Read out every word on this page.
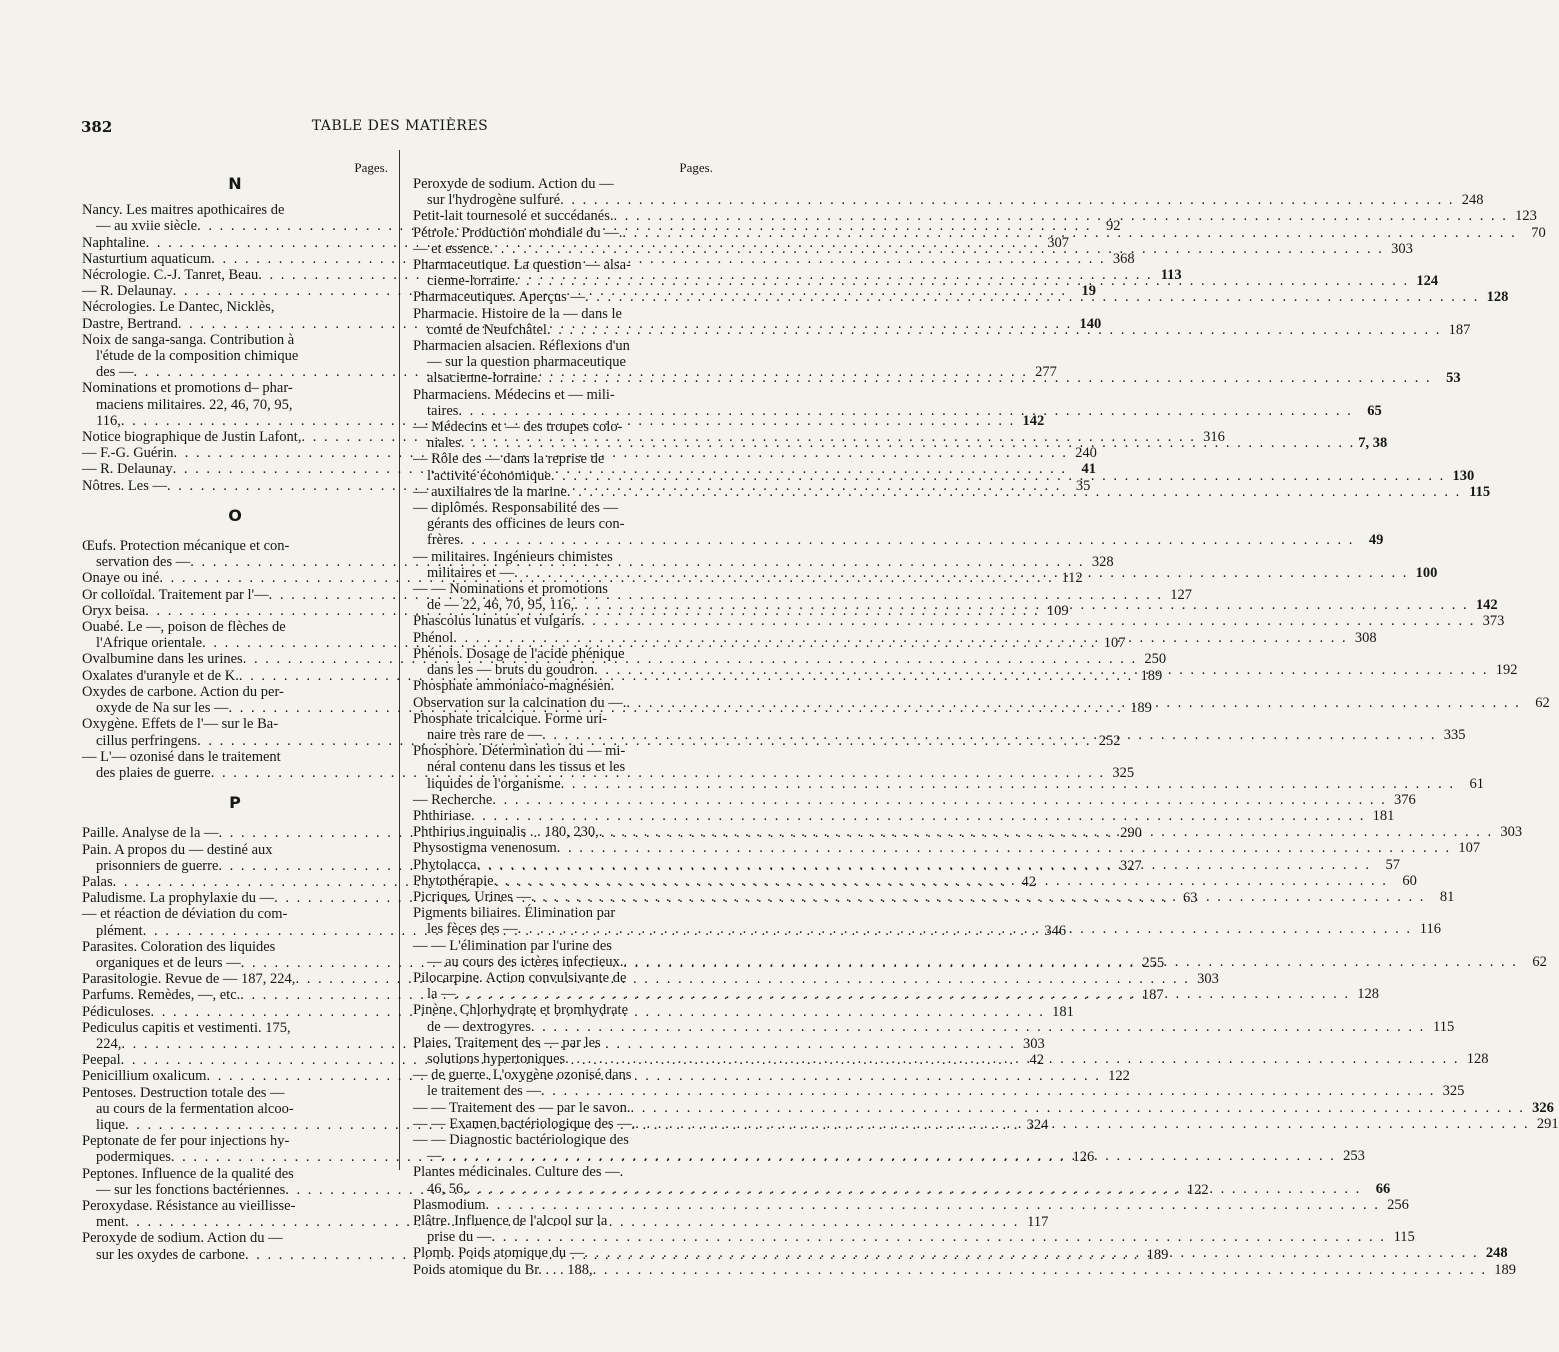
382	TABLE DES MATIÈRES
Pages.
N
Nancy. Les maitres apothicaires de
— au xviie siècle . . .	92
Naphtaline . . .	307
Nasturtium aquaticum . . .	368
Nécrologie. C.-J. Tanret, Beau . . .	113
— R. Delaunay . . .	19
Nécrologies. Le Dantec, Nicklès,
Dastre, Bertrand . . .	140
Noix de sanga-sanga. Contribution à
l'étude de la composition chimique
des — . . .	277
Nominations et promotions d– phar-
maciens militaires. 22, 46, 70, 95,
116, . . .	142
Notice biographique de Justin Lafont, . . .	316
— F.-G. Guérin . . .	240
— R. Delaunay . . .	41
Nôtres. Les — . . .	35
O
Œufs. Protection mécanique et con-
servation des — . . .	328
Onaye ou iné . . .	112
Or colloïdal. Traitement par l'— . . .	127
Oryx beisa . . .	109
Ouabé. Le —, poison de flèches de
l'Afrique orientale . . .	107
Ovalbumine dans les urines . . .	250
Oxalates d'uranyle et de K. . . .	189
Oxydes de carbone. Action du per-
oxyde de Na sur les — . . .	189
Oxygène. Effets de l'— sur le Ba-
cillus perfringens . . .	252
— L'— ozonisé dans le traitement
des plaies de guerre . . .	325
P
Paille. Analyse de la — . . .	290
Pain. A propos du — destiné aux
prisonniers de guerre . . .	327
Palas . . .	42
Paludisme. La prophylaxie du — . . .	63
— et réaction de déviation du com-
plément . . .	346
Parasites. Coloration des liquides
organiques et de leurs — . . .	255
Parasitologie. Revue de — 187, 224, . . .	303
Parfums. Remèdes, —, etc. . . .	187
Pédiculoses . . .	181
Pediculus capitis et vestimenti. 175,
224, . . .	303
Peepal . . .	42
Penicillium oxalicum . . .	122
Pentoses. Destruction totale des —
au cours de la fermentation alcoo-
lique . . .	324
Peptonate de fer pour injections hy-
podermiques . . .	126
Peptones. Influence de la qualité des
— sur les fonctions bactériennes . . .	122
Peroxydase. Résistance au vieillisse-
ment . . .	117
Peroxyde de sodium. Action du —
sur les oxydes de carbone . . .	189
Pages.
Peroxyde de sodium. Action du —
sur l'hydrogène sulfuré . . .	248
Petit-lait tournesolé et succédanés. . . .	123
Pétrole. Production mondiale du —. . . .	70
— et essence . . .	303
Pharmaceutique. La question — alsa-
cienne-lorraine . . .	124
Pharmaceutiques. Aperçus — . . .	128
Pharmacie. Histoire de la — dans le
comté de Neufchâtel . . .	187
Pharmacien alsacien. Réflexions d'un
— sur la question pharmaceutique
alsacienne-lorraine . . .	53
Pharmaciens. Médecins et — mili-
taires . . .	65
— Médecins et — des troupes colo-
niales . . .	7, 38
— Rôle des — dans la reprise de
l'activité économique . . .	130
— auxiliaires de la marine . . .	115
— diplômés. Responsabilité des —
gérants des officines de leurs con-
frères . . .	49
— militaires. Ingénieurs chimistes
militaires et — . . .	100
— — Nominations et promotions
de — 22, 46, 70, 95, 116, . . .	142
Phascolus lunatus et vulgaris . . .	373
Phénol . . .	308
Phénols. Dosage de l'acide phénique
dans les — bruts du goudron . . .	192
Phosphate ammoniaco-magnésien.
Observation sur la calcination du —. . . .	62
Phosphate tricalcique. Forme uri-
naire très rare de — . . .	335
Phosphore. Détermination du — mi-
néral contenu dans les tissus et les
liquides de l'organisme . . .	61
— Recherche . . .	376
Phthiriase . . .	181
Phthirius inguinalis . . 180, 230, . . .	303
Physostigma venenosum . . .	107
Phytolacca . . .	57
Phytothérapie . . .	60
Picriques. Urines — . . .	81
Pigments biliaires. Élimination par
les fèces des — . . .	116
— — L'élimination par l'urine des
— au cours des ictères infectieux. . . .	62
Pilocarpine. Action convulsivante de
la — . . .	128
Pinène. Chlorhydrate et bromhydrate
de — dextrogyres . . .	115
Plaies. Traitement des — par les
solutions hypertoniques . . .	128
— de guerre. L'oxygène ozonisé dans
le traitement des — . . .	325
— — Traitement des — par le savon. . . .	326
— — Examen bactériologique des —. . . .	291
— — Diagnostic bactériologique des
— . . .	253
Plantes médicinales. Culture des —.
46, 56, . . .	66
Plasmodium . . .	256
Plâtre. Influence de l'alcool sur la
prise du — . . .	115
Plomb. Poids atomique du — . . .	248
Poids atomique du Br. . . . 188, . . .	189
